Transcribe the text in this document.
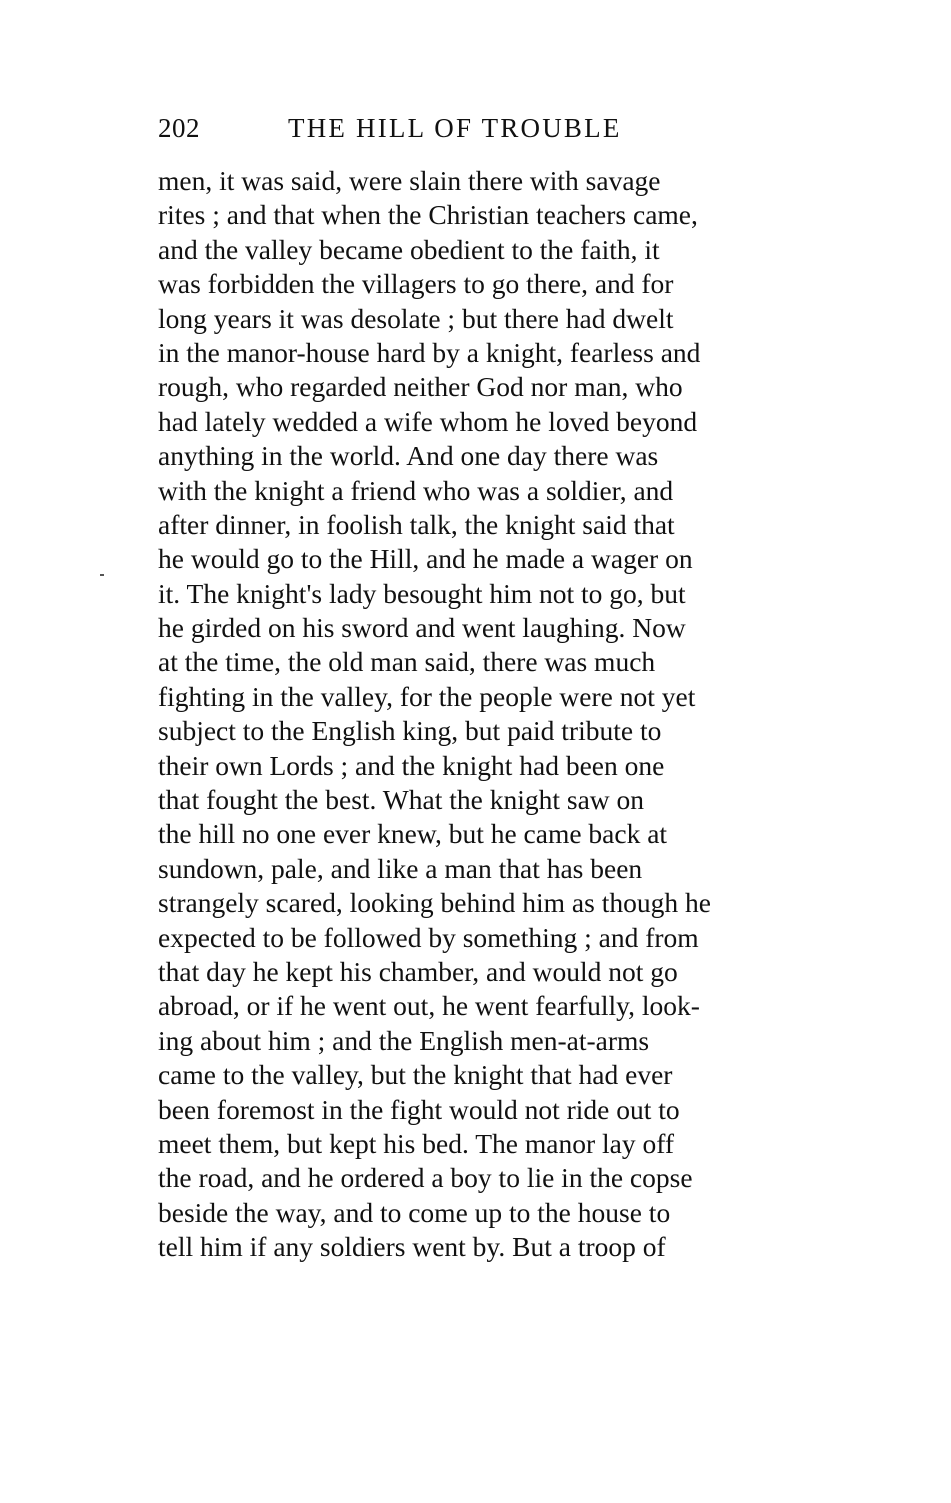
202	THE HILL OF TROUBLE
men, it was said, were slain there with savage
rites ; and that when the Christian teachers came,
and the valley became obedient to the faith, it
was forbidden the villagers to go there, and for
long years it was desolate ; but there had dwelt
in the manor-house hard by a knight, fearless and
rough, who regarded neither God nor man, who
had lately wedded a wife whom he loved beyond
anything in the world. And one day there was
with the knight a friend who was a soldier, and
after dinner, in foolish talk, the knight said that
he would go to the Hill, and he made a wager on
it. The knight's lady besought him not to go, but
he girded on his sword and went laughing. Now
at the time, the old man said, there was much
fighting in the valley, for the people were not yet
subject to the English king, but paid tribute to
their own Lords ; and the knight had been one
that fought the best. What the knight saw on
the hill no one ever knew, but he came back at
sundown, pale, and like a man that has been
strangely scared, looking behind him as though he
expected to be followed by something ; and from
that day he kept his chamber, and would not go
abroad, or if he went out, he went fearfully, look-
ing about him ; and the English men-at-arms
came to the valley, but the knight that had ever
been foremost in the fight would not ride out to
meet them, but kept his bed. The manor lay off
the road, and he ordered a boy to lie in the copse
beside the way, and to come up to the house to
tell him if any soldiers went by. But a troop of
